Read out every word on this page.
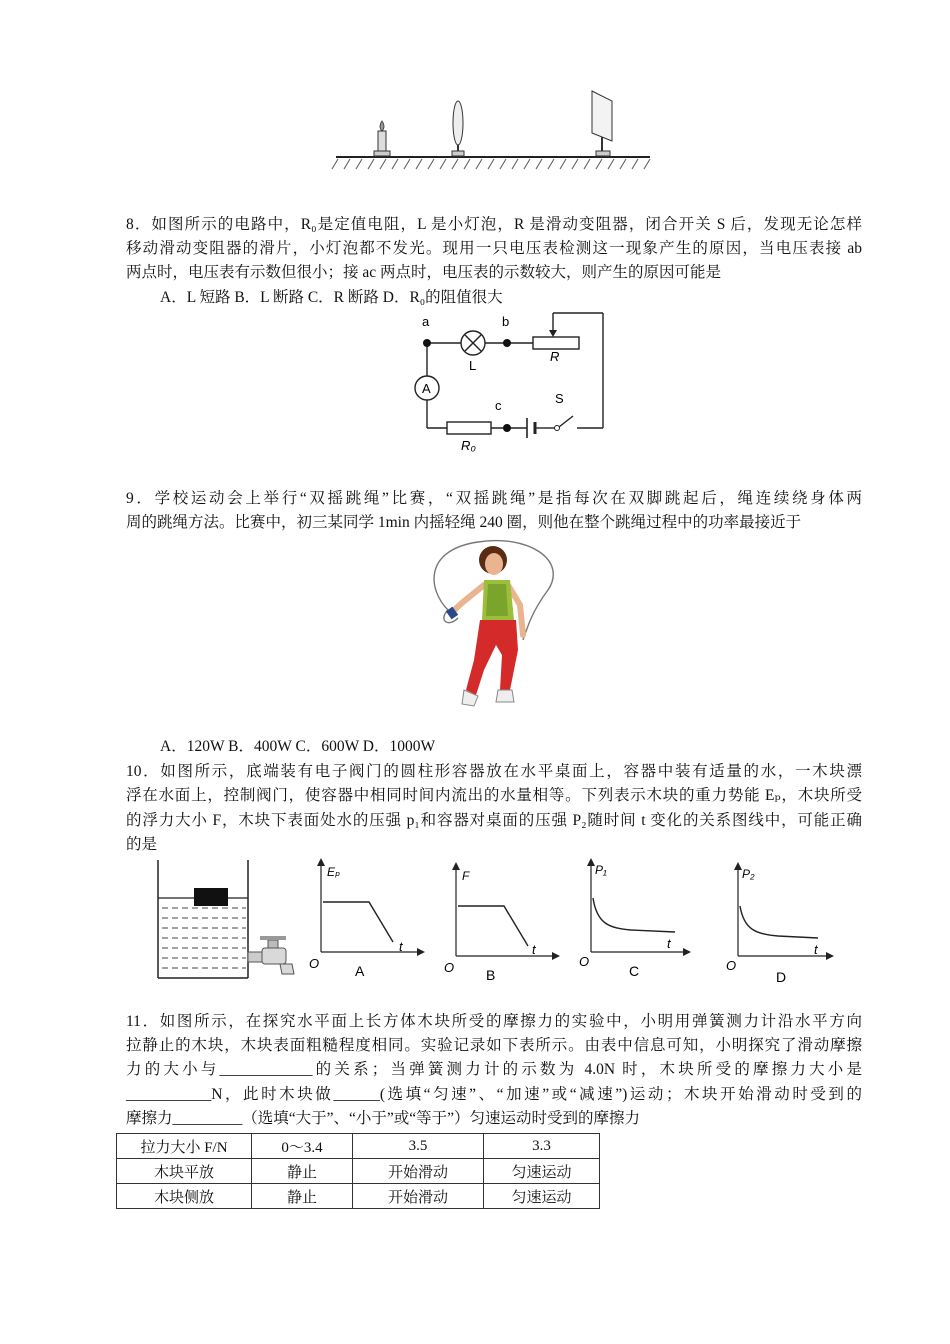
8．如图所示的电路中，R₀是定值电阻，L 是小灯泡，R 是滑动变阻器，闭合开关 S 后，发现无论怎样
移动滑动变阻器的滑片，小灯泡都不发光。现用一只电压表检测这一现象产生的原因，当电压表接 ab
两点时，电压表有示数但很小；接 ac 两点时，电压表的示数较大，则产生的原因可能是
A．L 短路 B．L 断路 C．R 断路 D．R₀的阻值很大
a	b
L
R
A
c	S
R₀
9．学校运动会上举行“双摇跳绳”比赛，“双摇跳绳”是指每次在双脚跳起后，绳连续绕身体两
周的跳绳方法。比赛中，初三某同学 1min 内摇轻绳 240 圈，则他在整个跳绳过程中的功率最接近于
A．120W B．400W C．600W D．1000W
10．如图所示，底端装有电子阀门的圆柱形容器放在水平桌面上，容器中装有适量的水，一木块漂
浮在水面上，控制阀门，使容器中相同时间内流出的水量相等。下列表示木块的重力势能 Eₚ，木块所受
的浮力大小 F，木块下表面处水的压强 p₁和容器对桌面的压强 P₂随时间 t 变化的关系图线中，可能正确
的是
Eₚ
t
O	A
F
t
O B
P₁
t
O
C
P₂
t
O
D
11．如图所示，在探究水平面上长方体木块所受的摩擦力的实验中，小明用弹簧测力计沿水平方向
拉静止的木块，木块表面粗糙程度相同。实验记录如下表所示。由表中信息可知，小明探究了滑动摩擦
力的大小与____________的关系；当弹簧测力计的示数为 4.0N 时，木块所受的摩擦力大小是
___________N，此时木块做______(选填“匀速”、“加速”或“减速”)运动；木块开始滑动时受到的
摩擦力_________（选填“大于”、“小于”或“等于”）匀速运动时受到的摩擦力
拉力大小 F/N	0～3.4	3.5	3.3
木块平放	静止	开始滑动	匀速运动
木块侧放	静止	开始滑动	匀速运动
